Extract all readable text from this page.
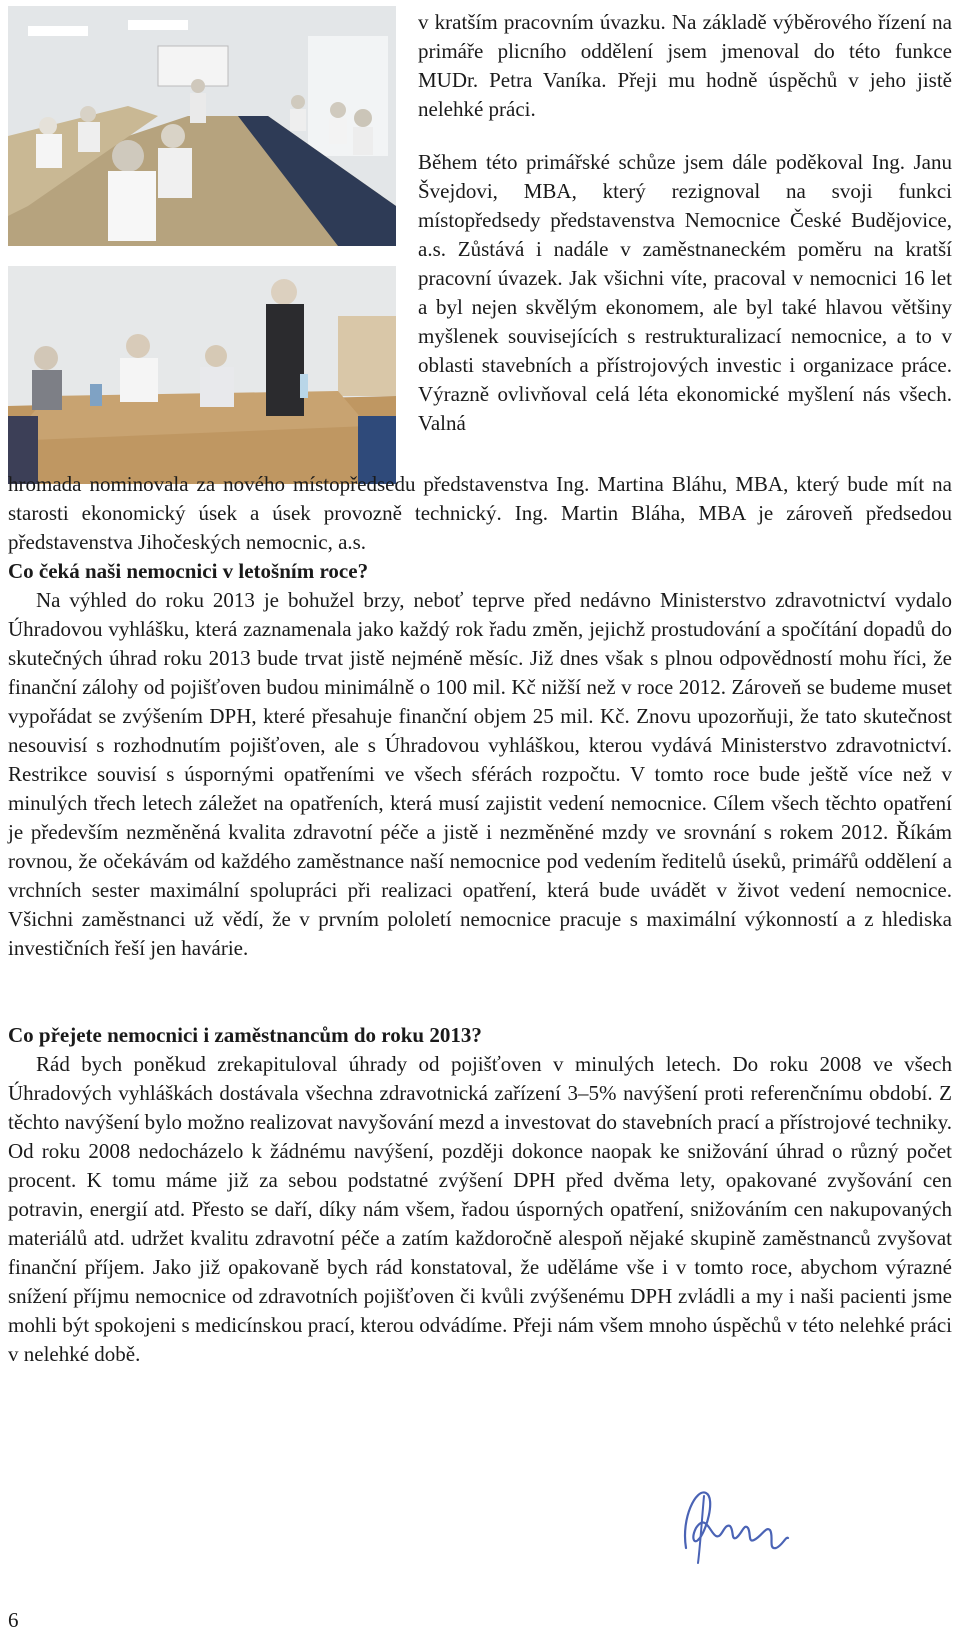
v kratším pracovním úvazku. Na základě výběrového řízení na primáře plicního oddělení jsem jmenoval do této funkce MUDr. Petra Vaníka. Přeji mu hodně úspěchů v jeho jistě nelehké práci.

Během této primářské schůze jsem dále poděkoval Ing. Janu Švejdovi, MBA, který rezignoval na svoji funkci místopředsedy představenstva Nemocnice České Budějovice, a.s. Zůstává i nadále v zaměstnaneckém poměru na kratší pracovní úvazek. Jak všichni víte, pracoval v nemocnici 16 let a byl nejen skvělým ekonomem, ale byl také hlavou většiny myšlenek souvisejících s restrukturalizací nemocnice, a to v oblasti stavebních a přístrojových investic i organizace práce. Výrazně ovlivňoval celá léta ekonomické myšlení nás všech. Valná

hromada nominovala za nového místopředsedu představenstva Ing. Martina Bláhu, MBA, který bude mít na starosti ekonomický úsek a úsek provozně technický. Ing. Martin Bláha, MBA je zároveň předsedou představenstva Jihočeských nemocnic, a.s.

Co čeká naši nemocnici v letošním roce?

Na výhled do roku 2013 je bohužel brzy, neboť teprve před nedávno Ministerstvo zdravotnictví vydalo Úhradovou vyhlášku, která zaznamenala jako každý rok řadu změn, jejichž prostudování a spočítání dopadů do skutečných úhrad roku 2013 bude trvat jistě nejméně měsíc. Již dnes však s plnou odpovědností mohu říci, že finanční zálohy od pojišťoven budou minimálně o 100 mil. Kč nižší než v roce 2012. Zároveň se budeme muset vypořádat se zvýšením DPH, které přesahuje finanční objem 25 mil. Kč. Znovu upozorňuji, že tato skutečnost nesouvisí s rozhodnutím pojišťoven, ale s Úhradovou vyhláškou, kterou vydává Ministerstvo zdravotnictví. Restrikce souvisí s úspornými opatřeními ve všech sférách rozpočtu. V tomto roce bude ještě více než v minulých třech letech záležet na opatřeních, která musí zajistit vedení nemocnice. Cílem všech těchto opatření je především nezměněná kvalita zdravotní péče a jistě i nezměněné mzdy ve srovnání s rokem 2012. Říkám rovnou, že očekávám od každého zaměstnance naší nemocnice pod vedením ředitelů úseků, primářů oddělení a vrchních sester maximální spolupráci při realizaci opatření, která bude uvádět v život vedení nemocnice. Všichni zaměstnanci už vědí, že v prvním pololetí nemocnice pracuje s maximální výkonností a z hlediska investičních řeší jen havárie.

Co přejete nemocnici i zaměstnancům do roku 2013?

Rád bych poněkud zrekapituloval úhrady od pojišťoven v minulých letech. Do roku 2008 ve všech Úhradových vyhláškách dostávala všechna zdravotnická zařízení 3–5% navýšení proti referenčnímu období. Z těchto navýšení bylo možno realizovat navyšování mezd a investovat do stavebních prací a přístrojové techniky. Od roku 2008 nedocházelo k žádnému navýšení, později dokonce naopak ke snižování úhrad o různý počet procent. K tomu máme již za sebou podstatné zvýšení DPH před dvěma lety, opakované zvyšování cen potravin, energií atd. Přesto se daří, díky nám všem, řadou úsporných opatření, snižováním cen nakupovaných materiálů atd. udržet kvalitu zdravotní péče a zatím každoročně alespoň nějaké skupině zaměstnanců zvyšovat finanční příjem. Jako již opakovaně bych rád konstatoval, že uděláme vše i v tomto roce, abychom výrazné snížení příjmu nemocnice od zdravotních pojišťoven či kvůli zvýšenému DPH zvládli a my i naši pacienti jsme mohli být spokojeni s medicínskou prací, kterou odvádíme. Přeji nám všem mnoho úspěchů v této nelehké práci v nelehké době.

6
